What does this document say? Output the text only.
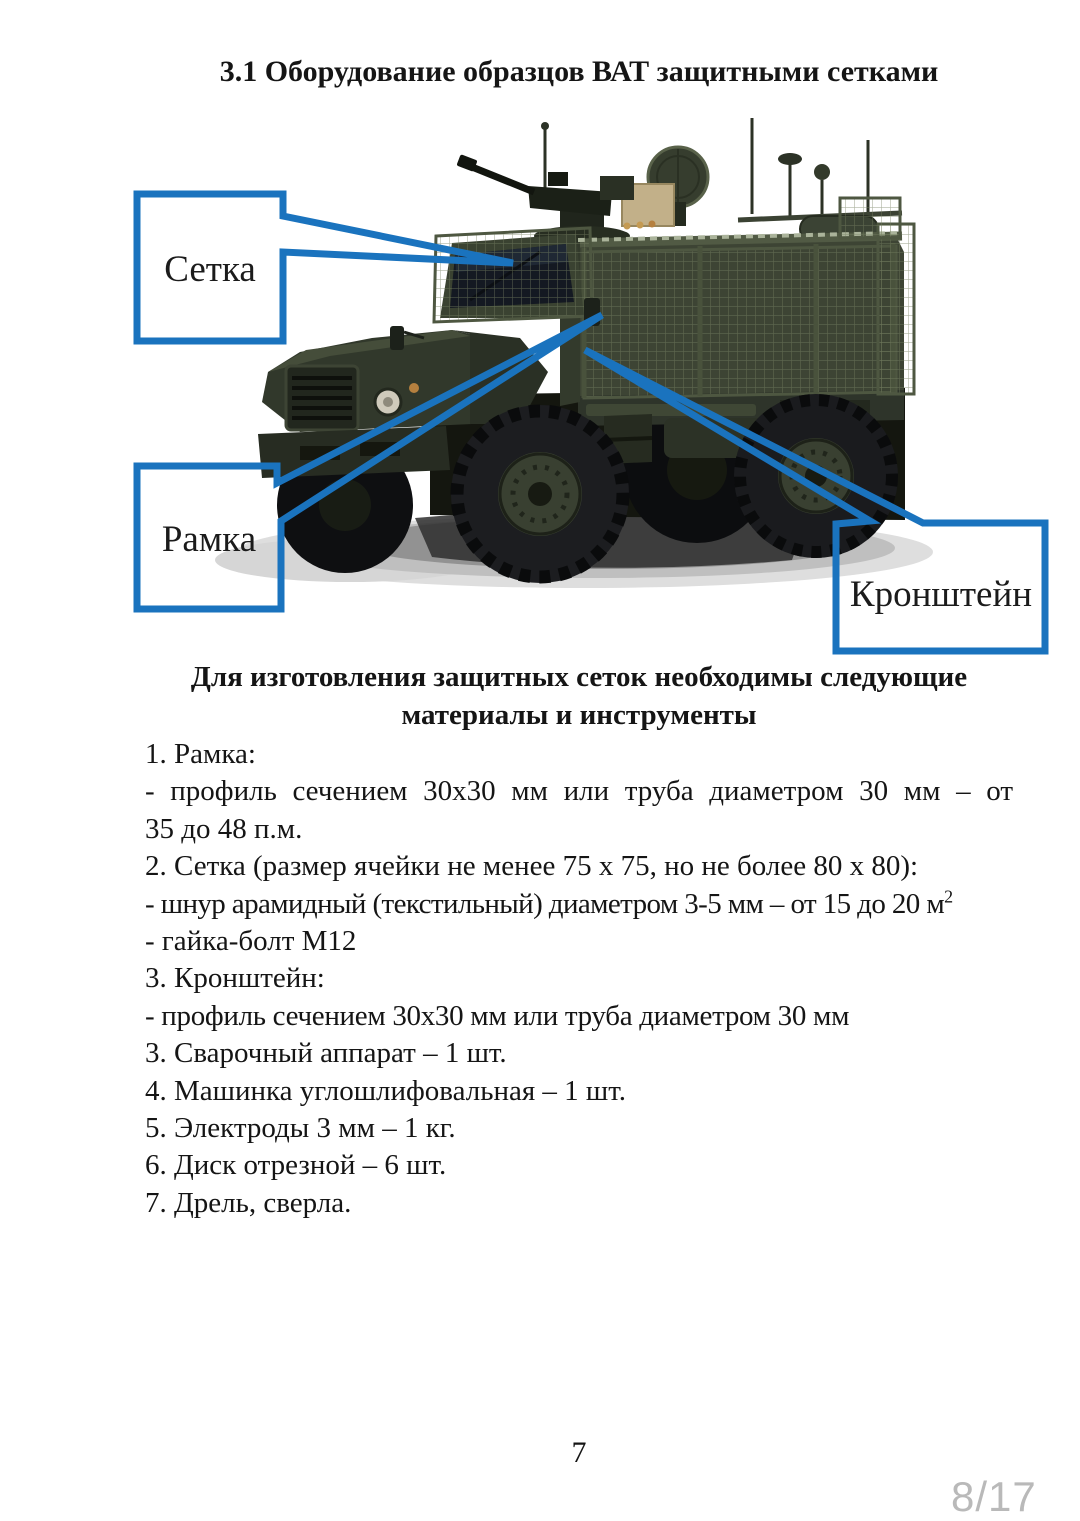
3.1 Оборудование образцов ВАТ защитными сетками
Сетка
Рамка
Кронштейн
Для изготовления защитных сеток необходимы следующие
материалы и инструменты
1. Рамка:
- профиль сечением 30х30 мм или труба диаметром 30 мм – от
35 до 48 п.м.
2. Сетка (размер ячейки не менее 75 х 75, но не более 80 х 80):
- шнур арамидный (текстильный) диаметром 3-5 мм – от 15 до 20 $м^2$
- гайка-болт М12
3. Кронштейн:
- профиль сечением 30х30 мм или труба диаметром 30 мм
3. Сварочный аппарат – 1 шт.
4. Машинка углошлифовальная – 1 шт.
5. Электроды 3 мм – 1 кг.
6. Диск отрезной – 6 шт.
7. Дрель, сверла.
7
8/17
